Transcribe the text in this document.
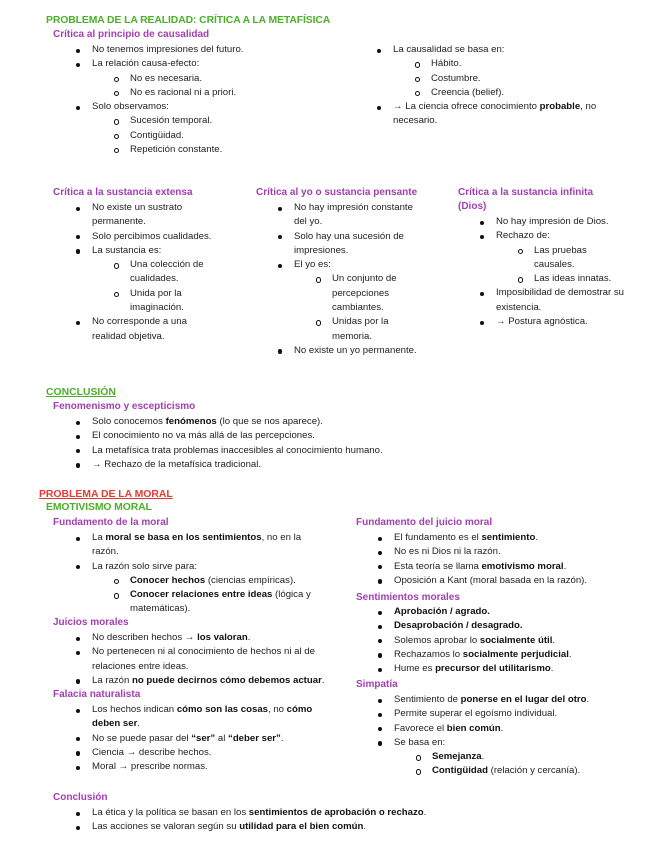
PROBLEMA DE LA REALIDAD: CRÍTICA A LA METAFÍSICA
Crítica al principio de causalidad
No tenemos impresiones del futuro.
La relación causa-efecto:
No es necesaria.
No es racional ni a priori.
Solo observamos:
Sucesión temporal.
Contigüidad.
Repetición constante.
La causalidad se basa en:
Hábito.
Costumbre.
Creencia (belief).
→ La ciencia ofrece conocimiento probable, no necesario.
Crítica a la sustancia extensa
No existe un sustrato permanente.
Solo percibimos cualidades.
La sustancia es:
Una colección de cualidades.
Unida por la imaginación.
No corresponde a una realidad objetiva.
Crítica al yo o sustancia pensante
No hay impresión constante del yo.
Solo hay una sucesión de impresiones.
El yo es:
Un conjunto de percepciones cambiantes.
Unidas por la memoria.
No existe un yo permanente.
Crítica a la sustancia infinita (Dios)
No hay impresión de Dios.
Rechazo de:
Las pruebas causales.
Las ideas innatas.
Imposibilidad de demostrar su existencia.
→ Postura agnóstica.
CONCLUSIÓN
Fenomenismo y escepticismo
Solo conocemos fenómenos (lo que se nos aparece).
El conocimiento no va más allá de las percepciones.
La metafísica trata problemas inaccesibles al conocimiento humano.
→ Rechazo de la metafísica tradicional.
PROBLEMA DE LA MORAL
EMOTIVISMO MORAL
Fundamento de la moral
La moral se basa en los sentimientos, no en la razón.
La razón solo sirve para:
Conocer hechos (ciencias empíricas).
Conocer relaciones entre ideas (lógica y matemáticas).
Juicios morales
No describen hechos → los valoran.
No pertenecen ni al conocimiento de hechos ni al de relaciones entre ideas.
La razón no puede decirnos cómo debemos actuar.
Falacia naturalista
Los hechos indican cómo son las cosas, no cómo deben ser.
No se puede pasar del “ser” al “deber ser”.
Ciencia → describe hechos.
Moral → prescribe normas.
Fundamento del juicio moral
El fundamento es el sentimiento.
No es ni Dios ni la razón.
Esta teoría se llama emotivismo moral.
Oposición a Kant (moral basada en la razón).
Sentimientos morales
Aprobación / agrado.
Desaprobación / desagrado.
Solemos aprobar lo socialmente útil.
Rechazamos lo socialmente perjudicial.
Hume es precursor del utilitarismo.
Simpatía
Sentimiento de ponerse en el lugar del otro.
Permite superar el egoísmo individual.
Favorece el bien común.
Se basa en:
Semejanza.
Contigüidad (relación y cercanía).
Conclusión
La ética y la política se basan en los sentimientos de aprobación o rechazo.
Las acciones se valoran según su utilidad para el bien común.
